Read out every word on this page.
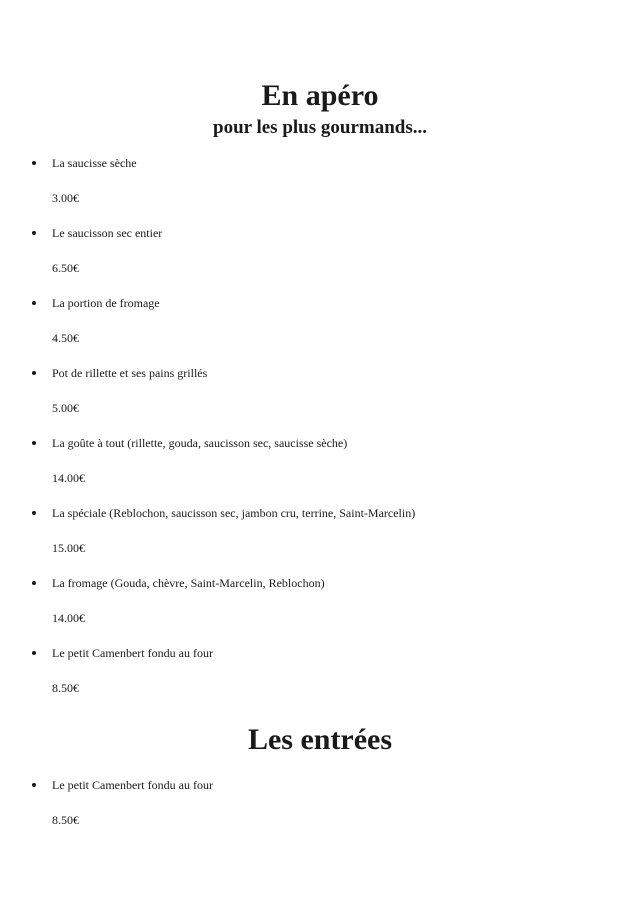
En apéro
pour les plus gourmands...
La saucisse sèche
3.00€
Le saucisson sec entier
6.50€
La portion de fromage
4.50€
Pot de rillette et ses pains grillés
5.00€
La goûte à tout (rillette, gouda, saucisson sec, saucisse sèche)
14.00€
La spéciale (Reblochon, saucisson sec, jambon cru, terrine, Saint-Marcelin)
15.00€
La fromage (Gouda, chèvre, Saint-Marcelin, Reblochon)
14.00€
Le petit Camenbert fondu au four
8.50€
Les entrées
Le petit Camenbert fondu au four
8.50€
